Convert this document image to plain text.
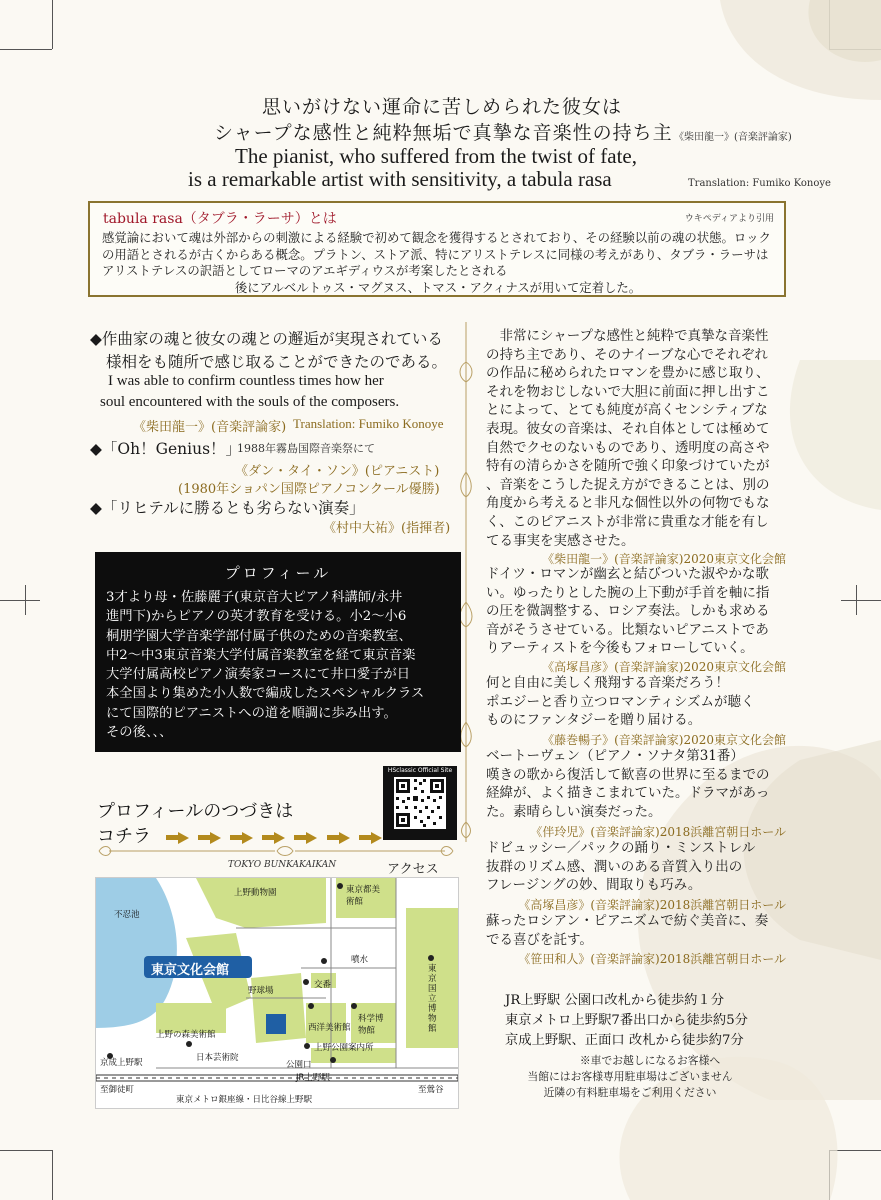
思いがけない運命に苦しめられた彼女は
シャープな感性と純粋無垢で真摯な音楽性の持ち主 《柴田龍一》(音楽評論家)
The pianist, who suffered from the twist of fate,
is a remarkable artist with sensitivity, a tabula rasa	Translation: Fumiko Konoye
tabula rasa（タブラ・ラーサ）とは	ウキペディアより引用
感覚論において魂は外部からの刺激による経験で初めて観念を獲得するとされており、その経験以前の魂の状態。ロックの用語とされるが古くからある概念。プラトン、ストア派、特にアリストテレスに同様の考えがあり、タブラ・ラーサはアリストテレスの訳語としてローマのアエギディウスが考案したとされる
後にアルベルトゥス・マグヌス、トマス・アクィナスが用いて定着した。
◆作曲家の魂と彼女の魂との邂逅が実現されている
様相をも随所で感じ取ることができたのである。
I was able to confirm countless times how her
soul encountered with the souls of the composers.
《柴田龍一》(音楽評論家) Translation: Fumiko Konoye
◆「Oh！Genius！」
1988年霧島国際音楽祭にて
《ダン・タイ・ソン》(ピアニスト)
(1980年ショパン国際ピアノコンクール優勝)
◆「リヒテルに勝るとも劣らない演奏」
《村中大祐》(指揮者)
プロフィール
3才より母・佐藤麗子(東京音大ピアノ科講師/永井
進門下)からピアノの英才教育を受ける。小2～小6
桐朋学園大学音楽学部付属子供のための音楽教室、
中2～中3東京音楽大学付属音楽教室を経て東京音楽
大学付属高校ピアノ演奏家コースにて井口愛子が日
本全国より集めた小人数で編成したスペシャルクラス
にて国際的ピアニストへの道を順調に歩み出す。
その後、、、
プロフィールのつづきは
コチラ
HSclassic Official Site
TOKYO BUNKAKAIKAN	アクセス
東京文化会館
上野動物園
不忍池
東京都美術館
噴水
東京国立博物館
野球場
交番
西洋美術館
科学博物館
上野の森美術館
日本芸術院
上野公園案内所
京成上野駅	公園口
JR上野駅
至御徒町	至鶯谷
東京メトロ銀座線・日比谷線上野駅
　非常にシャープな感性と純粋で真摯な音楽性
の持ち主であり、そのナイーブな心でそれぞれ
の作品に秘められたロマンを豊かに感じ取り、
それを物おじしないで大胆に前面に押し出すこ
とによって、とても純度が高くセンシティブな
表現。彼女の音楽は、それ自体としては極めて
自然でクセのないものであり、透明度の高さや
特有の清らかさを随所で強く印象づけていたが
、音楽をこうした捉え方ができることは、別の
角度から考えると非凡な個性以外の何物でもな
く、このピアニストが非常に貴重な才能を有し
てる事実を実感させた。
《柴田龍一》(音楽評論家)2020東京文化会館
ドイツ・ロマンが幽玄と結びついた淑やかな歌
い。ゆったりとした腕の上下動が手首を軸に指
の圧を微調整する、ロシア奏法。しかも求める
音がそうさせている。比類ないピアニストであ
りアーティストを今後もフォローしていく。
《高塚昌彦》(音楽評論家)2020東京文化会館
何と自由に美しく飛翔する音楽だろう！
ポエジーと香り立つロマンティシズムが聴く
ものにファンタジーを贈り届ける。
《藤巻暢子》(音楽評論家)2020東京文化会館
ベートーヴェン（ピアノ・ソナタ第31番）
嘆きの歌から復活して歓喜の世界に至るまでの
経緯が、よく描きこまれていた。ドラマがあっ
た。素晴らしい演奏だった。
《伴玲児》(音楽評論家)2018浜離宮朝日ホール
ドビュッシー／パックの踊り・ミンストレル
抜群のリズム感、潤いのある音質入り出の
フレージングの妙、間取りも巧み。
《高塚昌彦》(音楽評論家)2018浜離宮朝日ホール
蘇ったロシアン・ピアニズムで紡ぐ美音に、奏
でる喜びを託す。
《笹田和人》(音楽評論家)2018浜離宮朝日ホール
JR上野駅 公園口改札から徒歩約１分
東京メトロ上野駅7番出口から徒歩約5分
京成上野駅、正面口 改札から徒歩約7分
※車でお越しになるお客様へ
当館にはお客様専用駐車場はございません
近隣の有料駐車場をご利用ください
